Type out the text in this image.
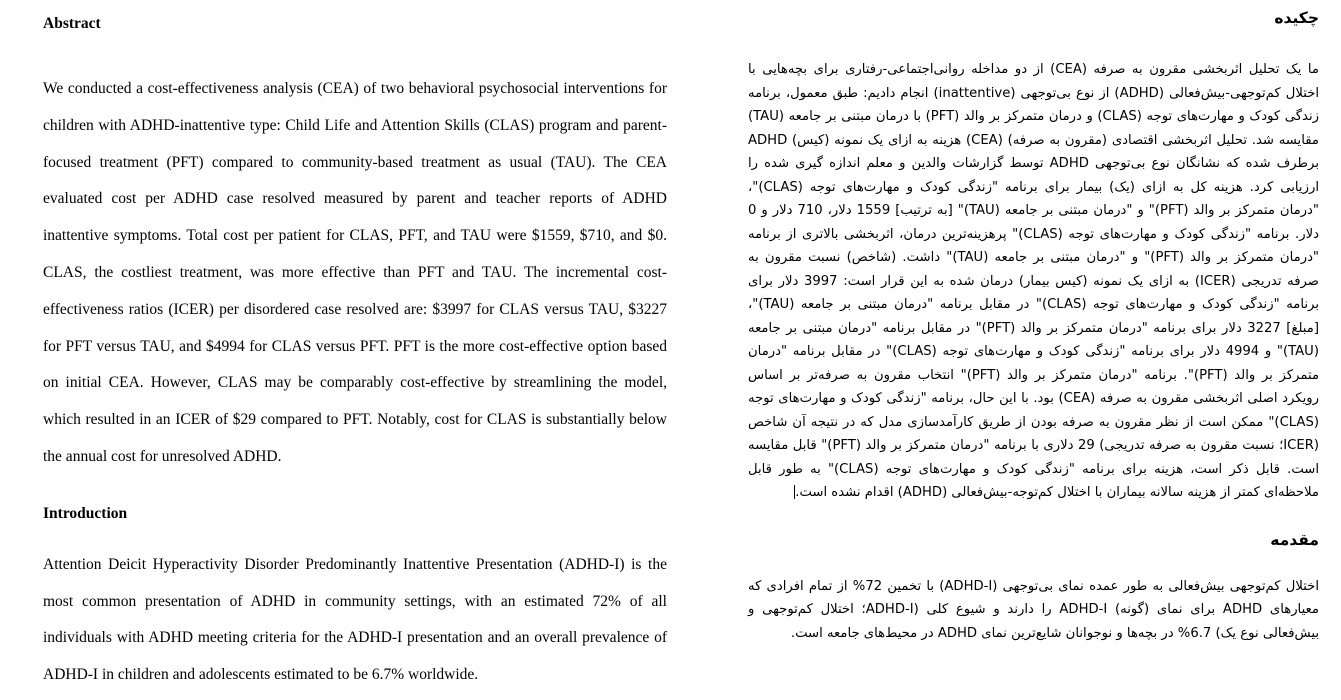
Abstract

We conducted a cost-effectiveness analysis (CEA) of two behavioral psychosocial interventions for children with ADHD-inattentive type: Child Life and Attention Skills (CLAS) program and parent-focused treatment (PFT) compared to community-based treatment as usual (TAU). The CEA evaluated cost per ADHD case resolved measured by parent and teacher reports of ADHD inattentive symptoms. Total cost per patient for CLAS, PFT, and TAU were $1559, $710, and $0. CLAS, the costliest treatment, was more effective than PFT and TAU. The incremental cost-effectiveness ratios (ICER) per disordered case resolved are: $3997 for CLAS versus TAU, $3227 for PFT versus TAU, and $4994 for CLAS versus PFT. PFT is the more cost-effective option based on initial CEA. However, CLAS may be comparably cost-effective by streamlining the model, which resulted in an ICER of $29 compared to PFT. Notably, cost for CLAS is substantially below the annual cost for unresolved ADHD.

Introduction

Attention Deicit Hyperactivity Disorder Predominantly Inattentive Presentation (ADHD-I) is the most common presentation of ADHD in community settings, with an estimated 72% of all individuals with ADHD meeting criteria for the ADHD-I presentation and an overall prevalence of ADHD-I in children and adolescents estimated to be 6.7% worldwide.

چکیده

ما یک تحلیل اثربخشی مقرون به صرفه (CEA) از دو مداخله روانی‌اجتماعی-رفتاری برای بچه‌هایی با اختلال کم‌توجهی-بیش‌فعالی (ADHD) از نوع بی‌توجهی (inattentive) انجام دادیم: طبق معمول، برنامه زندگی کودک و مهارت‌های توجه (CLAS) و درمان متمرکز بر والد (PFT) با درمان مبتنی بر جامعه (TAU) مقایسه شد. تحلیل اثربخشی اقتصادی (مقرون به صرفه) (CEA) هزینه به ازای یک نمونه (کیس) ADHD برطرف شده که نشانگان نوع بی‌توجهی ADHD توسط گزارشات والدین و معلم اندازه گیری شده را ارزیابی کرد. هزینه کل به ازای (یک) بیمار برای برنامه "زندگی کودک و مهارت‌های توجه (CLAS)"، "درمان متمرکز بر والد (PFT)" و "درمان مبتنی بر جامعه (TAU)" [به ترتیب] 1559 دلار، 710 دلار و 0 دلار. برنامه "زندگی کودک و مهارت‌های توجه (CLAS)" پرهزینه‌ترین درمان، اثربخشی بالاتری از برنامه "درمان متمرکز بر والد (PFT)" و "درمان مبتنی بر جامعه (TAU)" داشت. (شاخص) نسبت مقرون به صرفه تدریجی (ICER) به ازای یک نمونه (کیس بیمار) درمان شده به این قرار است: 3997 دلار برای برنامه "زندگی کودک و مهارت‌های توجه (CLAS)" در مقابل برنامه "درمان مبتنی بر جامعه (TAU)"، [مبلغ] 3227 دلار برای برنامه "درمان متمرکز بر والد (PFT)" در مقابل برنامه "درمان مبتنی بر جامعه (TAU)" و 4994 دلار برای برنامه "زندگی کودک و مهارت‌های توجه (CLAS)" در مقابل برنامه "درمان متمرکز بر والد (PFT)". برنامه "درمان متمرکز بر والد (PFT)" انتخاب مقرون به صرفه‌تر بر اساس رویکرد اصلی اثربخشی مقرون به صرفه (CEA) بود. با این حال، برنامه "زندگی کودک و مهارت‌های توجه (CLAS)" ممکن است از نظر مقرون به صرفه بودن از طریق کارآمدسازی مدل که در نتیجه آن شاخص (ICER؛ نسبت مقرون به صرفه تدریجی) 29 دلاری با برنامه "درمان متمرکز بر والد (PFT)" قابل مقایسه است. قابل ذکر است، هزینه برای برنامه "زندگی کودک و مهارت‌های توجه (CLAS)" به طور قابل ملاحظه‌ای کمتر از هزینه سالانه بیماران با اختلال کم‌توجه-بیش‌فعالی (ADHD) اقدام نشده است.

مقدمه

اختلال کم‌توجهی بیش‌فعالی به طور عمده نمای بی‌توجهی (ADHD-I) با تخمین 72% از تمام افرادی که معیارهای ADHD برای نمای (گونه) ADHD-I را دارند و شیوع کلی (ADHD-I؛ اختلال کم‌توجهی و بیش‌فعالی نوع یک) 6.7% در بچه‌ها و نوجوانان شایع‌ترین نمای ADHD در محیط‌های جامعه است.
